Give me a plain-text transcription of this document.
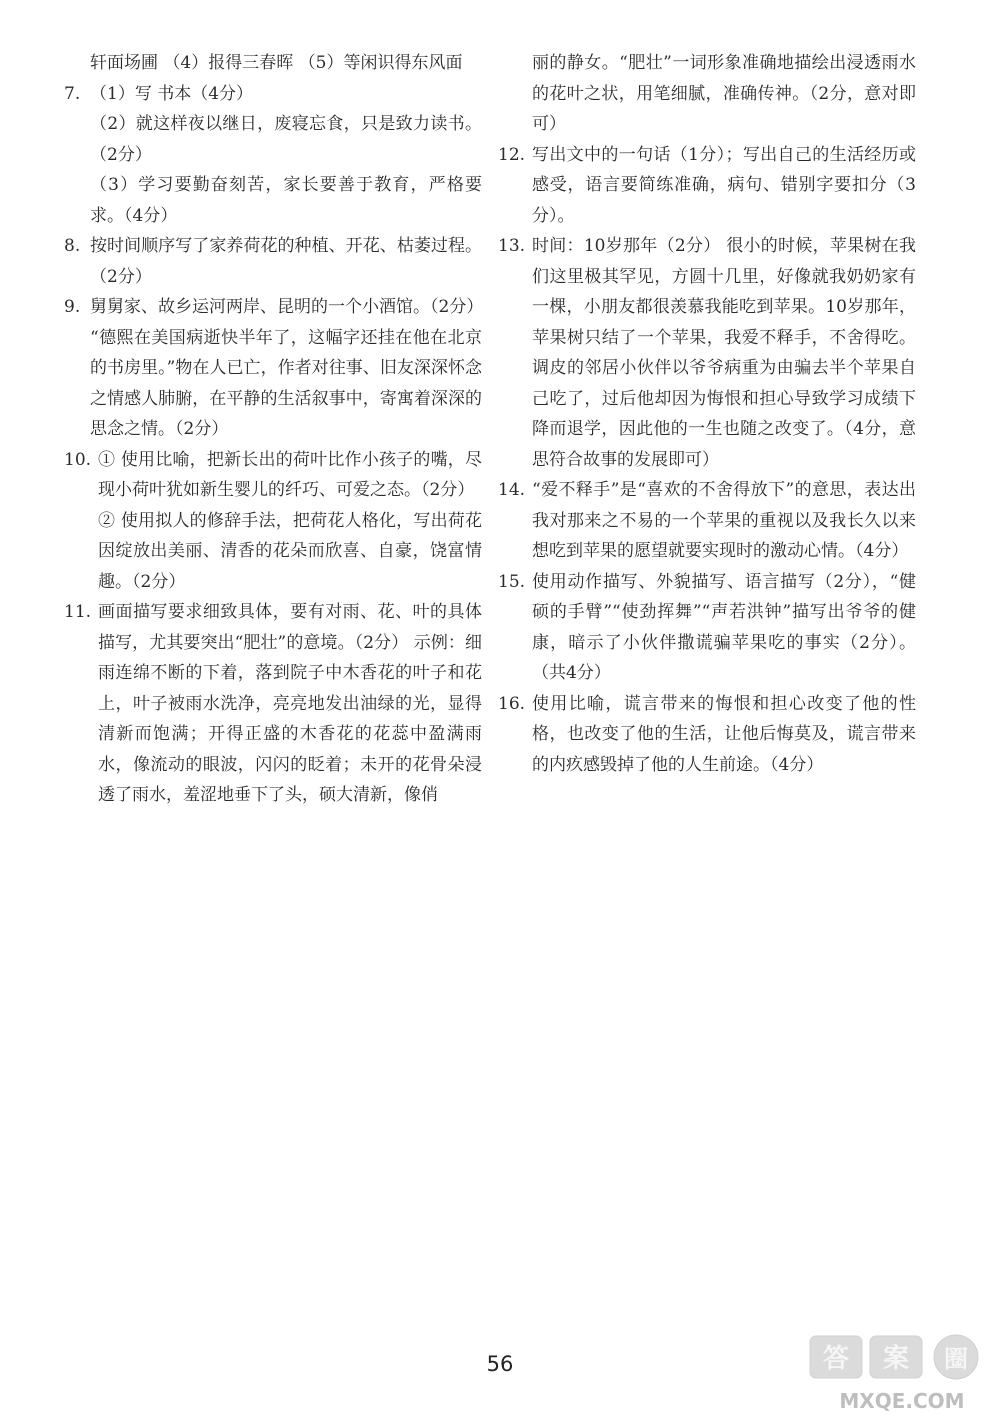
轩面场圃 （4）报得三春晖 （5）等闲识得东风面
7. （1）写 书本（4分）
（2）就这样夜以继日，废寝忘食，只是致力读书。（2分）
（3）学习要勤奋刻苦，家长要善于教育，严格要求。（4分）
8. 按时间顺序写了家养荷花的种植、开花、枯萎过程。（2分）
9. 舅舅家、故乡运河两岸、昆明的一个小酒馆。（2分）
“德熙在美国病逝快半年了，这幅字还挂在他在北京的书房里。”物在人已亡，作者对往事、旧友深深怀念之情感人肺腑，在平静的生活叙事中，寄寓着深深的思念之情。（2分）
10. ① 使用比喻，把新长出的荷叶比作小孩子的嘴，尽现小荷叶犹如新生婴儿的纤巧、可爱之态。（2分）
② 使用拟人的修辞手法，把荷花人格化，写出荷花因绽放出美丽、清香的花朵而欣喜、自豪，饶富情趣。（2分）
11. 画面描写要求细致具体，要有对雨、花、叶的具体描写，尤其要突出“肥壮”的意境。（2分） 示例：细雨连绵不断的下着，落到院子中木香花的叶子和花上，叶子被雨水洗净，亮亮地发出油绿的光，显得清新而饱满；开得正盛的木香花的花蕊中盈满雨水，像流动的眼波，闪闪的眨着；未开的花骨朵浸透了雨水，羞涩地垂下了头，硕大清新，像俏
丽的静女。“肥壮”一词形象准确地描绘出浸透雨水的花叶之状，用笔细腻，准确传神。（2分，意对即可）
12. 写出文中的一句话（1分）；写出自己的生活经历或感受，语言要简练准确，病句、错别字要扣分（3分）。
13. 时间：10岁那年（2分） 很小的时候，苹果树在我们这里极其罕见，方圆十几里，好像就我奶奶家有一棵，小朋友都很羡慕我能吃到苹果。10岁那年，苹果树只结了一个苹果，我爱不释手，不舍得吃。调皮的邻居小伙伴以爷爷病重为由骗去半个苹果自己吃了，过后他却因为悔恨和担心导致学习成绩下降而退学，因此他的一生也随之改变了。（4分，意思符合故事的发展即可）
14. “爱不释手”是“喜欢的不舍得放下”的意思，表达出我对那来之不易的一个苹果的重视以及我长久以来想吃到苹果的愿望就要实现时的激动心情。（4分）
15. 使用动作描写、外貌描写、语言描写（2分），“健硕的手臂”“使劲挥舞”“声若洪钟”描写出爷爷的健康，暗示了小伙伴撒谎骗苹果吃的事实（2分）。（共4分）
16. 使用比喻，谎言带来的悔恨和担心改变了他的性格，也改变了他的生活，让他后悔莫及，谎言带来的内疚感毁掉了他的人生前途。（4分）
56	答 案 圈
MXQE.COM
